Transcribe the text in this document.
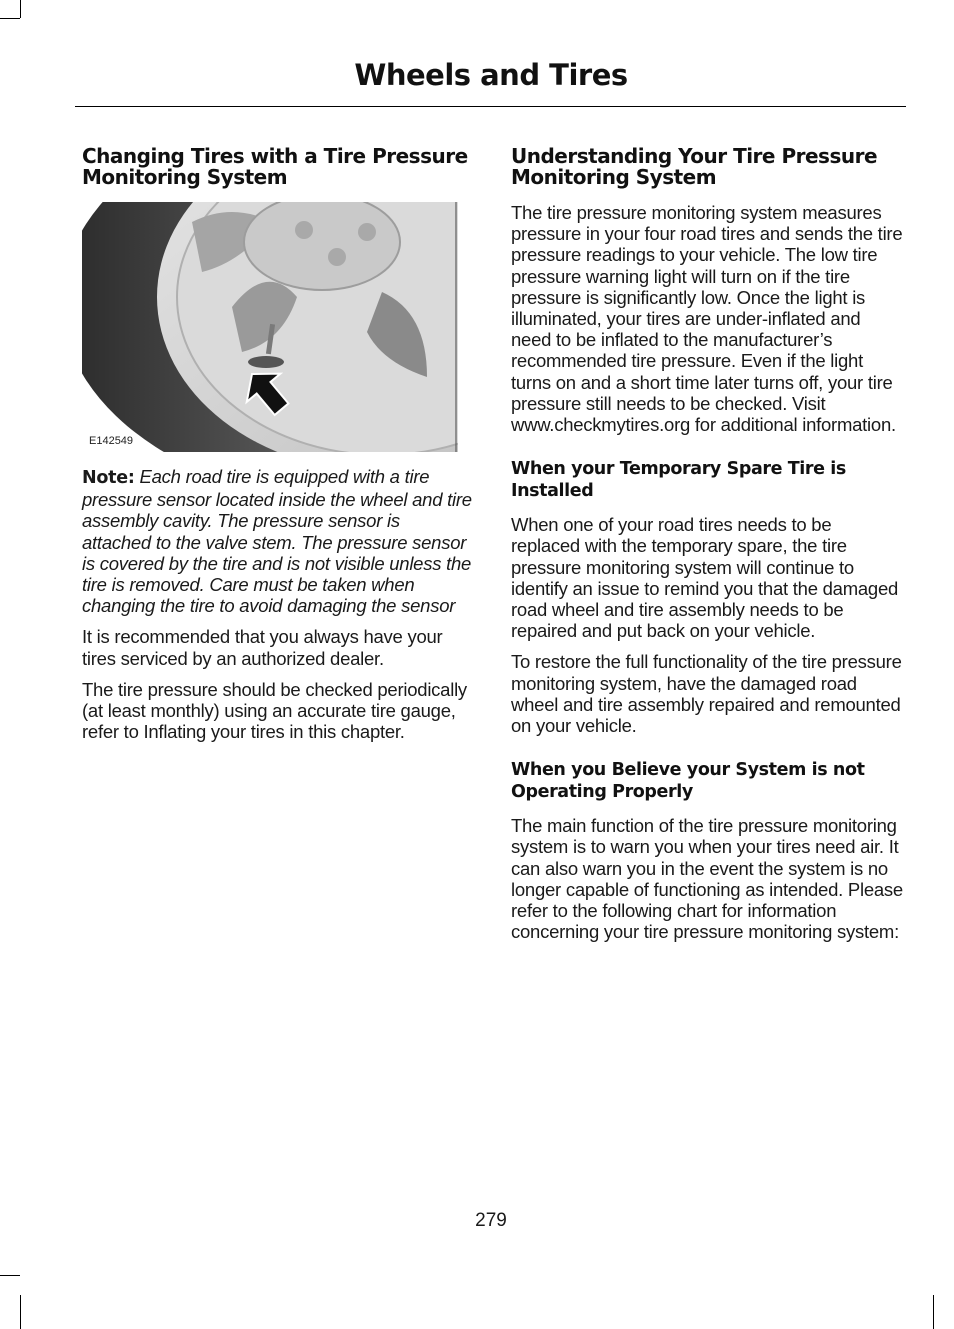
Wheels and Tires
Changing Tires with a Tire Pressure Monitoring System
E142549

Note: Each road tire is equipped with a tire pressure sensor located inside the wheel and tire assembly cavity. The pressure sensor is attached to the valve stem. The pressure sensor is covered by the tire and is not visible unless the tire is removed. Care must be taken when changing the tire to avoid damaging the sensor

It is recommended that you always have your tires serviced by an authorized dealer.

The tire pressure should be checked periodically (at least monthly) using an accurate tire gauge, refer to Inflating your tires in this chapter.

Understanding Your Tire Pressure Monitoring System

The tire pressure monitoring system measures pressure in your four road tires and sends the tire pressure readings to your vehicle. The low tire pressure warning light will turn on if the tire pressure is significantly low. Once the light is illuminated, your tires are under-inflated and need to be inflated to the manufacturer’s recommended tire pressure. Even if the light turns on and a short time later turns off, your tire pressure still needs to be checked. Visit www.checkmytires.org for additional information.

When your Temporary Spare Tire is Installed

When one of your road tires needs to be replaced with the temporary spare, the tire pressure monitoring system will continue to identify an issue to remind you that the damaged road wheel and tire assembly needs to be repaired and put back on your vehicle.

To restore the full functionality of the tire pressure monitoring system, have the damaged road wheel and tire assembly repaired and remounted on your vehicle.

When you Believe your System is not Operating Properly

The main function of the tire pressure monitoring system is to warn you when your tires need air. It can also warn you in the event the system is no longer capable of functioning as intended. Please refer to the following chart for information concerning your tire pressure monitoring system:

279
